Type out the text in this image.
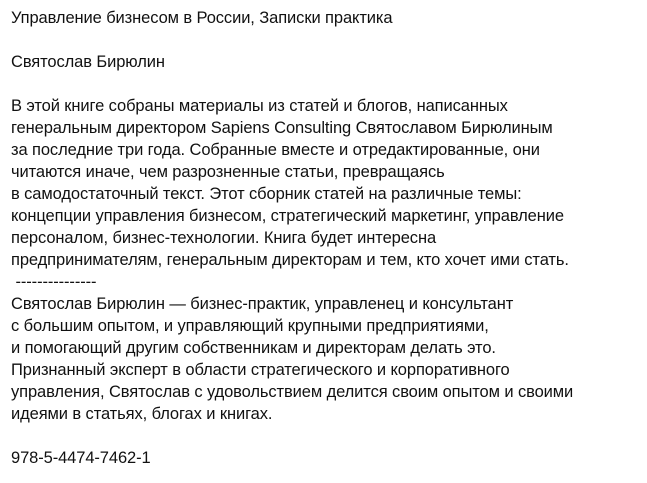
Управление бизнесом в России, Записки практика
Святослав Бирюлин
В этой книге собраны материалы из статей и блогов, написанных
генеральным директором Sapiens Consulting Святославом Бирюлиным
за последние три года. Собранные вместе и отредактированные, они
читаются иначе, чем разрозненные статьи, превращаясь
в самодостаточный текст. Этот сборник статей на различные темы:
концепции управления бизнесом, стратегический маркетинг, управление
персоналом, бизнес-технологии. Книга будет интересна
предпринимателям, генеральным директорам и тем, кто хочет ими стать.
---------------
Святослав Бирюлин — бизнес-практик, управленец и консультант
с большим опытом, и управляющий крупными предприятиями,
и помогающий другим собственникам и директорам делать это.
Признанный эксперт в области стратегического и корпоративного
управления, Святослав с удовольствием делится своим опытом и своими
идеями в статьях, блогах и книгах.
978-5-4474-7462-1
